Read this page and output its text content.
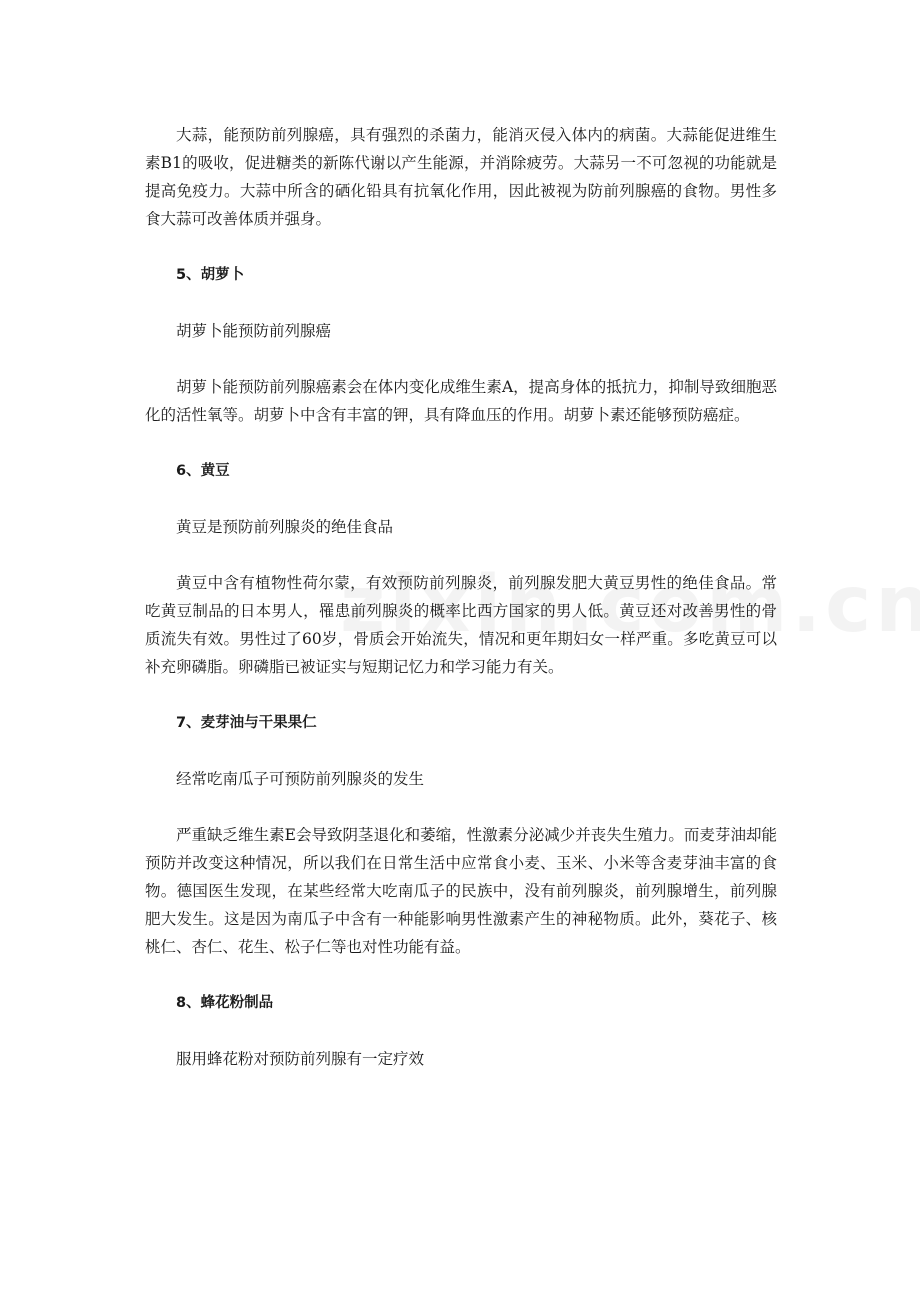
大蒜，能预防前列腺癌，具有强烈的杀菌力，能消灭侵入体内的病菌。大蒜能促进维生素B1的吸收，促进糖类的新陈代谢以产生能源，并消除疲劳。大蒜另一不可忽视的功能就是提高免疫力。大蒜中所含的硒化铅具有抗氧化作用，因此被视为防前列腺癌的食物。男性多食大蒜可改善体质并强身。

5、胡萝卜

胡萝卜能预防前列腺癌

胡萝卜能预防前列腺癌素会在体内变化成维生素A，提高身体的抵抗力，抑制导致细胞恶化的活性氧等。胡萝卜中含有丰富的钾，具有降血压的作用。胡萝卜素还能够预防癌症。

6、黄豆

黄豆是预防前列腺炎的绝佳食品

黄豆中含有植物性荷尔蒙，有效预防前列腺炎，前列腺发肥大黄豆男性的绝佳食品。常吃黄豆制品的日本男人，罹患前列腺炎的概率比西方国家的男人低。黄豆还对改善男性的骨质流失有效。男性过了60岁，骨质会开始流失，情况和更年期妇女一样严重。多吃黄豆可以补充卵磷脂。卵磷脂已被证实与短期记忆力和学习能力有关。

7、麦芽油与干果果仁

经常吃南瓜子可预防前列腺炎的发生

严重缺乏维生素E会导致阴茎退化和萎缩，性激素分泌减少并丧失生殖力。而麦芽油却能预防并改变这种情况，所以我们在日常生活中应常食小麦、玉米、小米等含麦芽油丰富的食物。德国医生发现，在某些经常大吃南瓜子的民族中，没有前列腺炎，前列腺增生，前列腺肥大发生。这是因为南瓜子中含有一种能影响男性激素产生的神秘物质。此外，葵花子、核桃仁、杏仁、花生、松子仁等也对性功能有益。

8、蜂花粉制品

服用蜂花粉对预防前列腺有一定疗效
